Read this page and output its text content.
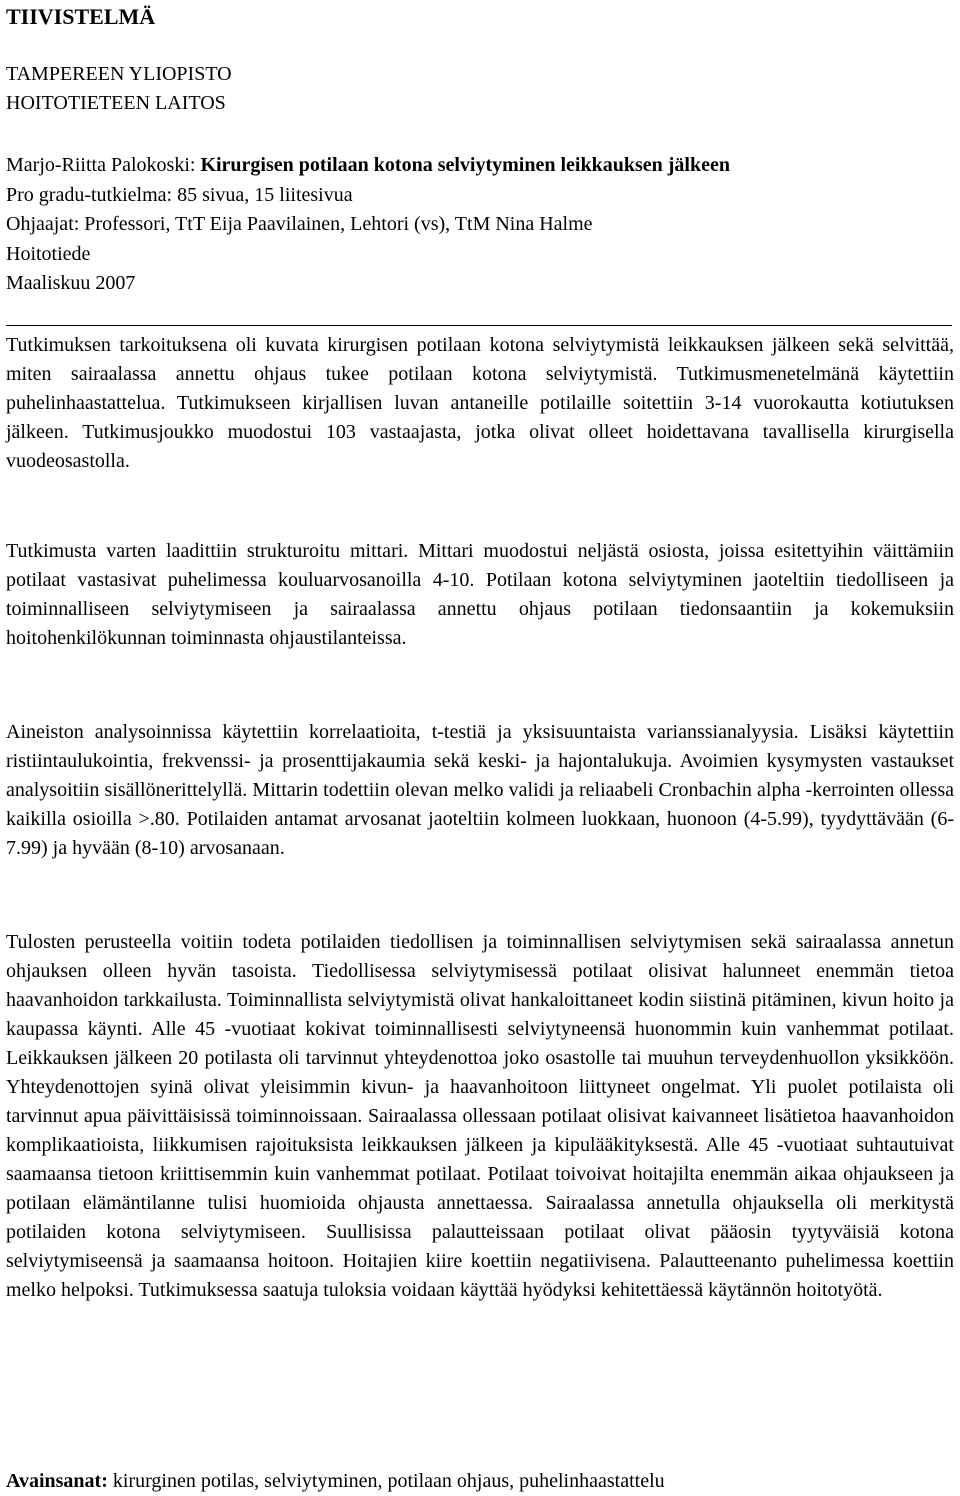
TIIVISTELMÄ
TAMPEREEN YLIOPISTO
HOITOTIETEEN LAITOS
Marjo-Riitta Palokoski: Kirurgisen potilaan kotona selviytyminen leikkauksen jälkeen
Pro gradu-tutkielma: 85 sivua, 15 liitesivua
Ohjaajat: Professori, TtT Eija Paavilainen, Lehtori (vs), TtM Nina Halme
Hoitotiede
Maaliskuu 2007

Tutkimuksen tarkoituksena oli kuvata kirurgisen potilaan kotona selviytymistä leikkauksen jälkeen sekä selvittää, miten sairaalassa annettu ohjaus tukee potilaan kotona selviytymistä. Tutkimusmenetelmänä käytettiin puhelinhaastattelua. Tutkimukseen kirjallisen luvan antaneille potilaille soitettiin 3-14 vuorokautta kotiutuksen jälkeen. Tutkimusjoukko muodostui 103 vastaajasta, jotka olivat olleet hoidettavana tavallisella kirurgisella vuodeosastolla.

Tutkimusta varten laadittiin strukturoitu mittari. Mittari muodostui neljästä osiosta, joissa esitettyihin väittämiin potilaat vastasivat puhelimessa kouluarvosanoilla 4-10. Potilaan kotona selviytyminen jaoteltiin tiedolliseen ja toiminnalliseen selviytymiseen ja sairaalassa annettu ohjaus potilaan tiedonsaantiin ja kokemuksiin hoitohenkilökunnan toiminnasta ohjaustilanteissa.

Aineiston analysoinnissa käytettiin korrelaatioita, t-testiä ja yksisuuntaista varianssianalyysia. Lisäksi käytettiin ristiintaulukointia, frekvenssi- ja prosenttijakaumia sekä keski- ja hajontalukuja. Avoimien kysymysten vastaukset analysoitiin sisällönerittelyllä. Mittarin todettiin olevan melko validi ja reliaabeli Cronbachin alpha -kerrointen ollessa kaikilla osioilla >.80. Potilaiden antamat arvosanat jaoteltiin kolmeen luokkaan, huonoon (4-5.99), tyydyttävään (6-7.99) ja hyvään (8-10) arvosanaan.

Tulosten perusteella voitiin todeta potilaiden tiedollisen ja toiminnallisen selviytymisen sekä sairaalassa annetun ohjauksen olleen hyvän tasoista. Tiedollisessa selviytymisessä potilaat olisivat halunneet enemmän tietoa haavanhoidon tarkkailusta. Toiminnallista selviytymistä olivat hankaloittaneet kodin siistinä pitäminen, kivun hoito ja kaupassa käynti. Alle 45 -vuotiaat kokivat toiminnallisesti selviytyneensä huonommin kuin vanhemmat potilaat. Leikkauksen jälkeen 20 potilasta oli tarvinnut yhteydenottoa joko osastolle tai muuhun terveydenhuollon yksikköön. Yhteydenottojen syinä olivat yleisimmin kivun- ja haavanhoitoon liittyneet ongelmat. Yli puolet potilaista oli tarvinnut apua päivittäisissä toiminnoissaan. Sairaalassa ollessaan potilaat olisivat kaivanneet lisätietoa haavanhoidon komplikaatioista, liikkumisen rajoituksista leikkauksen jälkeen ja kipulääkityksestä. Alle 45 -vuotiaat suhtautuivat saamaansa tietoon kriittisemmin kuin vanhemmat potilaat. Potilaat toivoivat hoitajilta enemmän aikaa ohjaukseen ja potilaan elämäntilanne tulisi huomioida ohjausta annettaessa. Sairaalassa annetulla ohjauksella oli merkitystä potilaiden kotona selviytymiseen. Suullisissa palautteissaan potilaat olivat pääosin tyytyväisiä kotona selviytymiseensä ja saamaansa hoitoon. Hoitajien kiire koettiin negatiivisena. Palautteenanto puhelimessa koettiin melko helpoksi. Tutkimuksessa saatuja tuloksia voidaan käyttää hyödyksi kehitettäessä käytännön hoitotyötä.

Avainsanat: kirurginen potilas, selviytyminen, potilaan ohjaus, puhelinhaastattelu
